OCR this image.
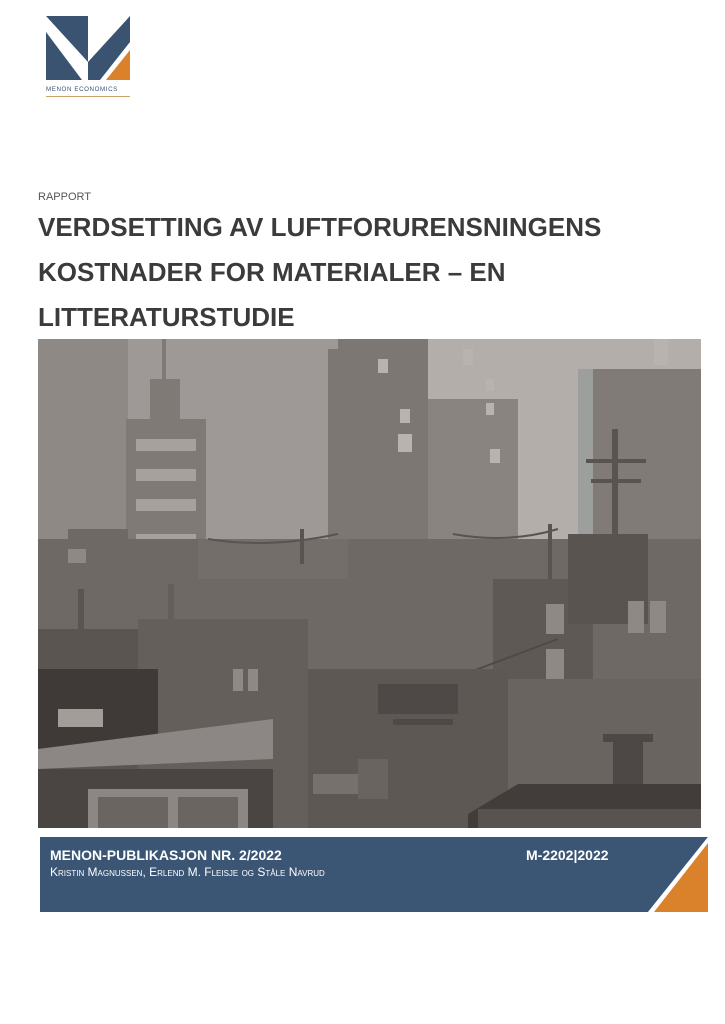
MENON ECONOMICS
RAPPORT
VERDSETTING AV LUFTFORURENSNINGENS
KOSTNADER FOR MATERIALER – EN
LITTERATURSTUDIE
MENON-PUBLIKASJON NR. 2/2022	M-2202|2022
Kristin Magnussen, Erlend M. Fleisje og Ståle Navrud
